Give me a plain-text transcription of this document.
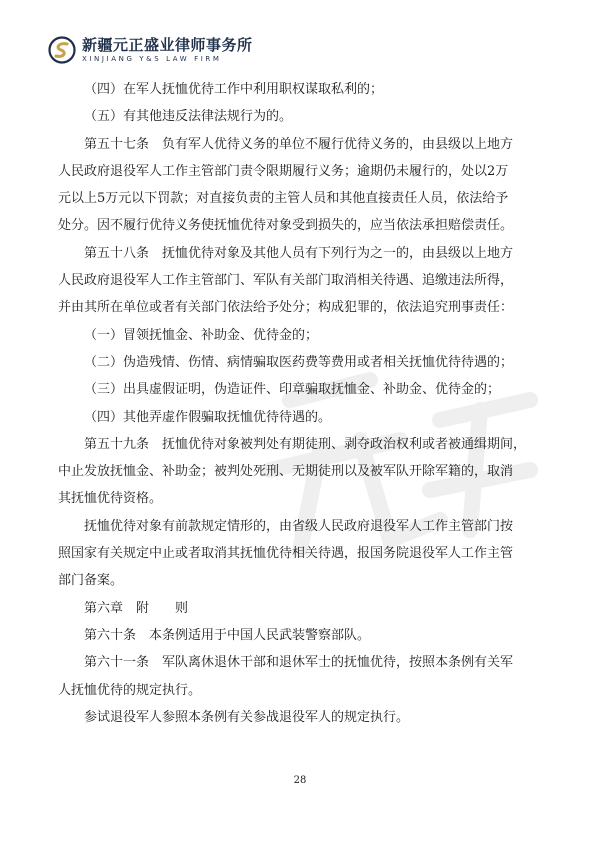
新疆元正盛业律师事务所
XINJIANG Y&S LAW FIRM

（四）在军人抚恤优待工作中利用职权谋取私利的；

（五）有其他违反法律法规行为的。

第五十七条　负有军人优待义务的单位不履行优待义务的，由县级以上地方

人民政府退役军人工作主管部门责令限期履行义务；逾期仍未履行的，处以2万

元以上5万元以下罚款；对直接负责的主管人员和其他直接责任人员，依法给予

处分。因不履行优待义务使抚恤优待对象受到损失的，应当依法承担赔偿责任。

第五十八条　抚恤优待对象及其他人员有下列行为之一的，由县级以上地方

人民政府退役军人工作主管部门、军队有关部门取消相关待遇、追缴违法所得，

并由其所在单位或者有关部门依法给予处分；构成犯罪的，依法追究刑事责任：

（一）冒领抚恤金、补助金、优待金的；

（二）伪造残情、伤情、病情骗取医药费等费用或者相关抚恤优待待遇的；

（三）出具虚假证明，伪造证件、印章骗取抚恤金、补助金、优待金的；

（四）其他弄虚作假骗取抚恤优待待遇的。

第五十九条　抚恤优待对象被判处有期徒刑、剥夺政治权利或者被通缉期间，

中止发放抚恤金、补助金；被判处死刑、无期徒刑以及被军队开除军籍的，取消

其抚恤优待资格。

抚恤优待对象有前款规定情形的，由省级人民政府退役军人工作主管部门按

照国家有关规定中止或者取消其抚恤优待相关待遇，报国务院退役军人工作主管

部门备案。

第六章　附　　则

第六十条　本条例适用于中国人民武装警察部队。

第六十一条　军队离休退休干部和退休军士的抚恤优待，按照本条例有关军

人抚恤优待的规定执行。

参试退役军人参照本条例有关参战退役军人的规定执行。

28
